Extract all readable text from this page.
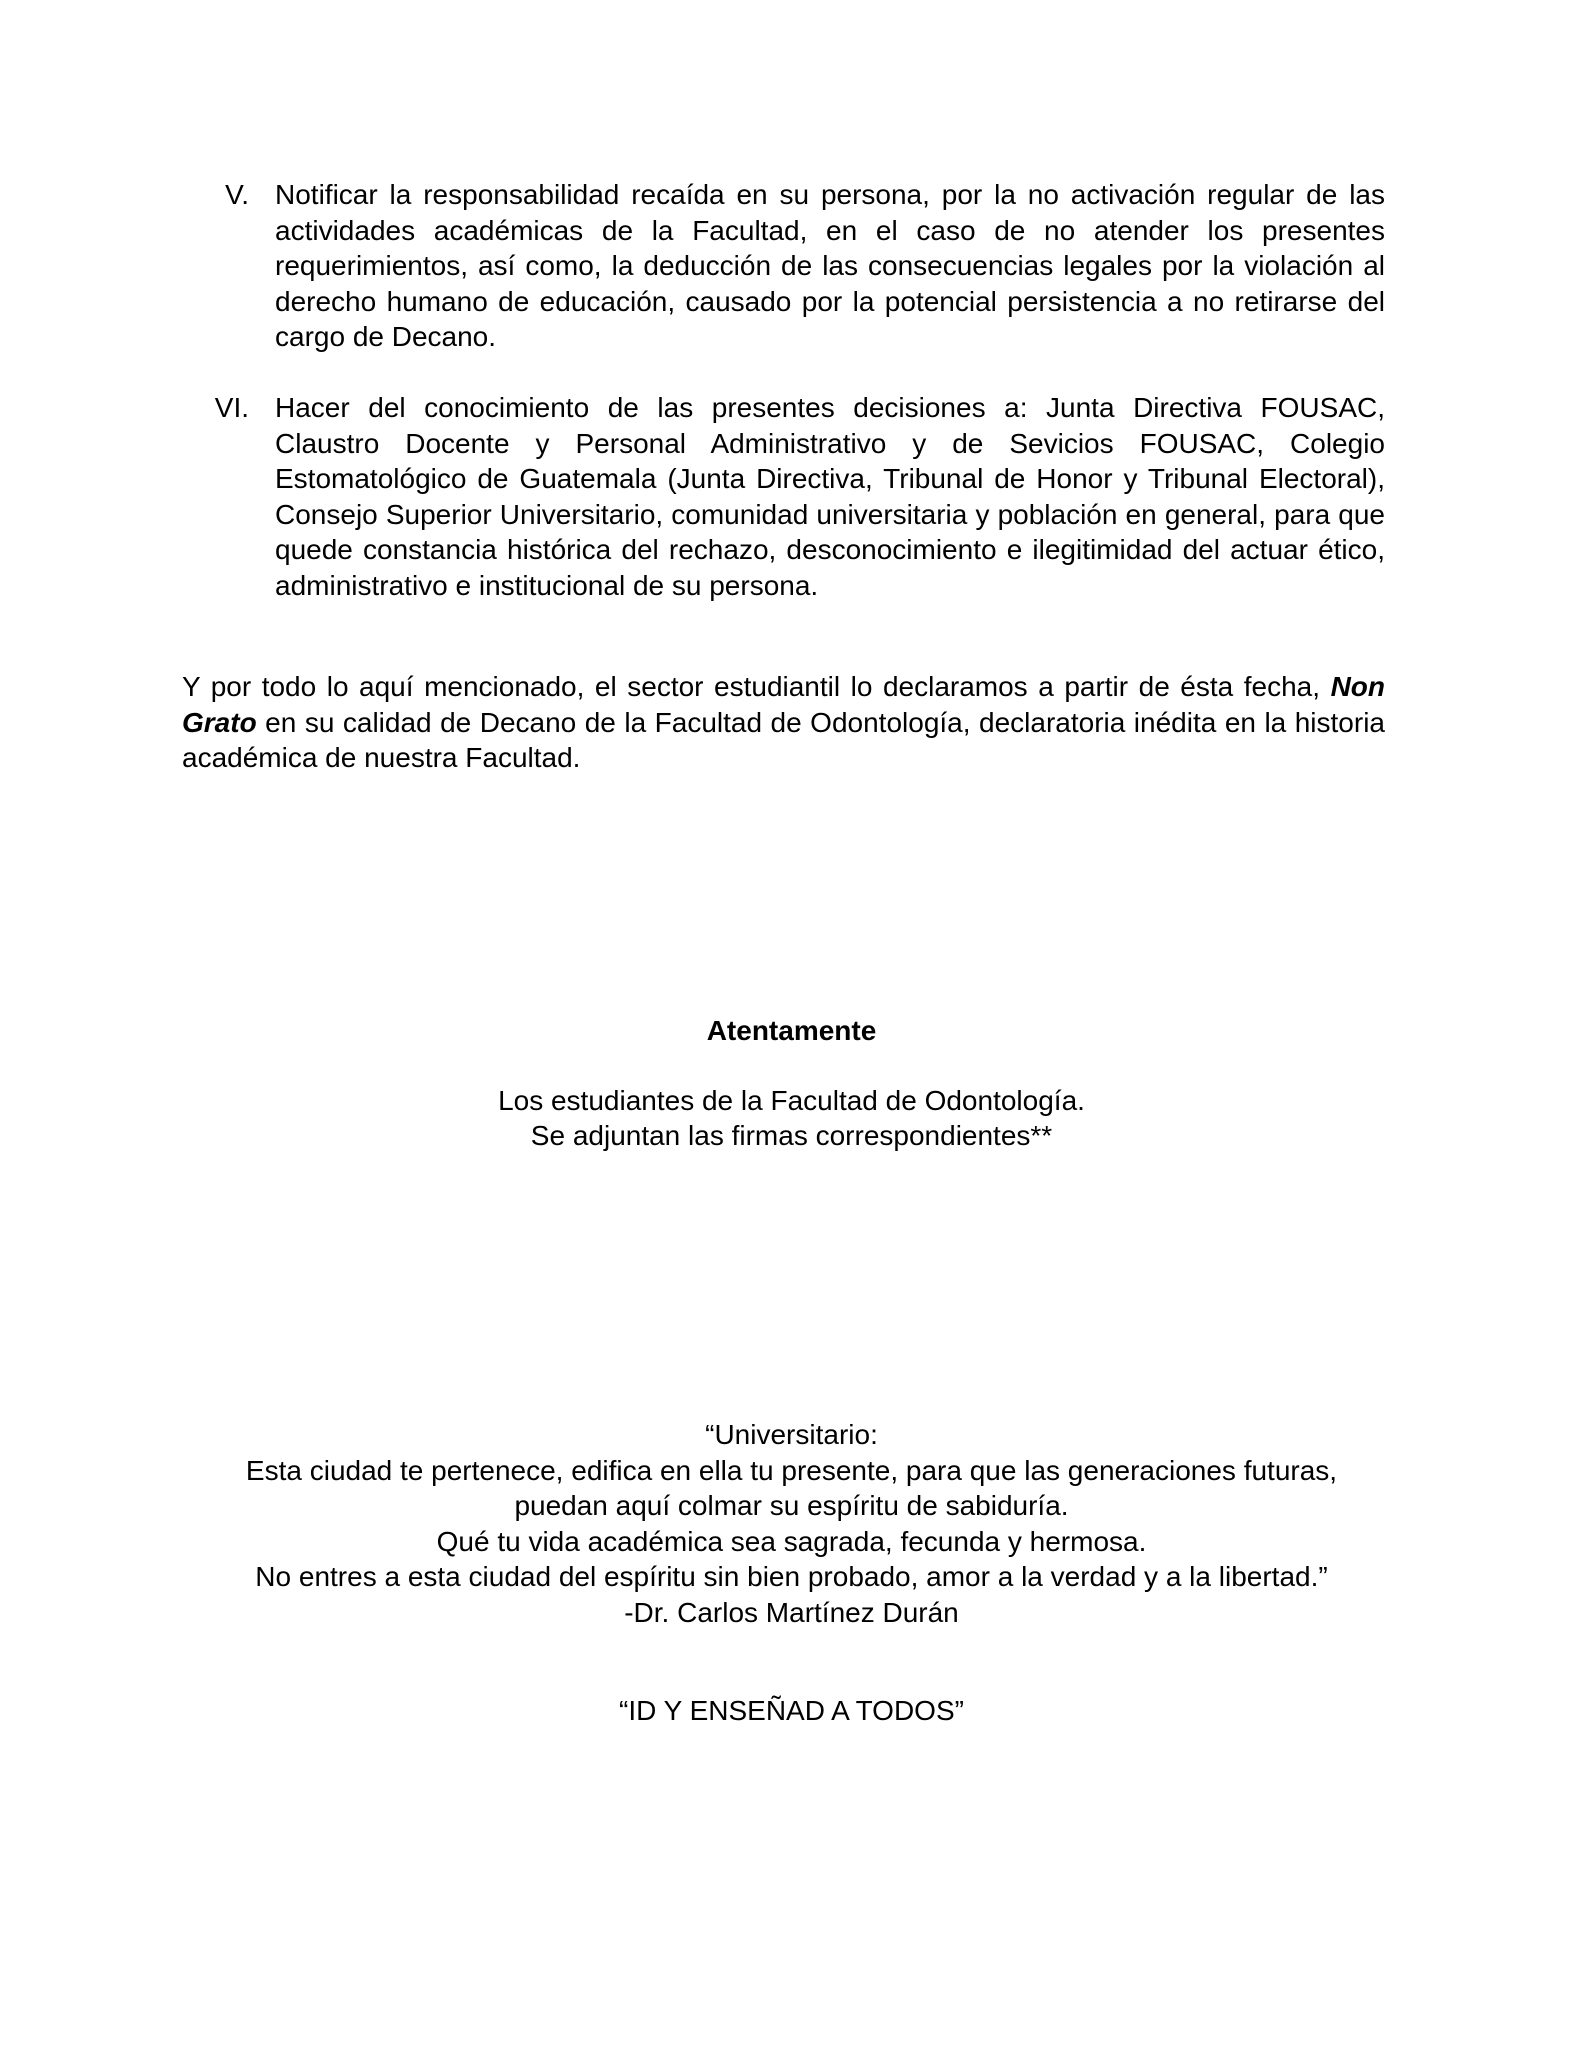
V. Notificar la responsabilidad recaída en su persona, por la no activación regular de las actividades académicas de la Facultad, en el caso de no atender los presentes requerimientos, así como, la deducción de las consecuencias legales por la violación al derecho humano de educación, causado por la potencial persistencia a no retirarse del cargo de Decano.

VI. Hacer del conocimiento de las presentes decisiones a: Junta Directiva FOUSAC, Claustro Docente y Personal Administrativo y de Sevicios FOUSAC, Colegio Estomatológico de Guatemala (Junta Directiva, Tribunal de Honor y Tribunal Electoral), Consejo Superior Universitario, comunidad universitaria y población en general, para que quede constancia histórica del rechazo, desconocimiento e ilegitimidad del actuar ético, administrativo e institucional de su persona.

Y por todo lo aquí mencionado, el sector estudiantil lo declaramos a partir de ésta fecha, Non Grato en su calidad de Decano de la Facultad de Odontología, declaratoria inédita en la historia académica de nuestra Facultad.

Atentamente

Los estudiantes de la Facultad de Odontología.

Se adjuntan las firmas correspondientes**

“Universitario:
Esta ciudad te pertenece, edifica en ella tu presente, para que las generaciones futuras,
puedan aquí colmar su espíritu de sabiduría.
Qué tu vida académica sea sagrada, fecunda y hermosa.
No entres a esta ciudad del espíritu sin bien probado, amor a la verdad y a la libertad.”
-Dr. Carlos Martínez Durán

“ID Y ENSEÑAD A TODOS”
